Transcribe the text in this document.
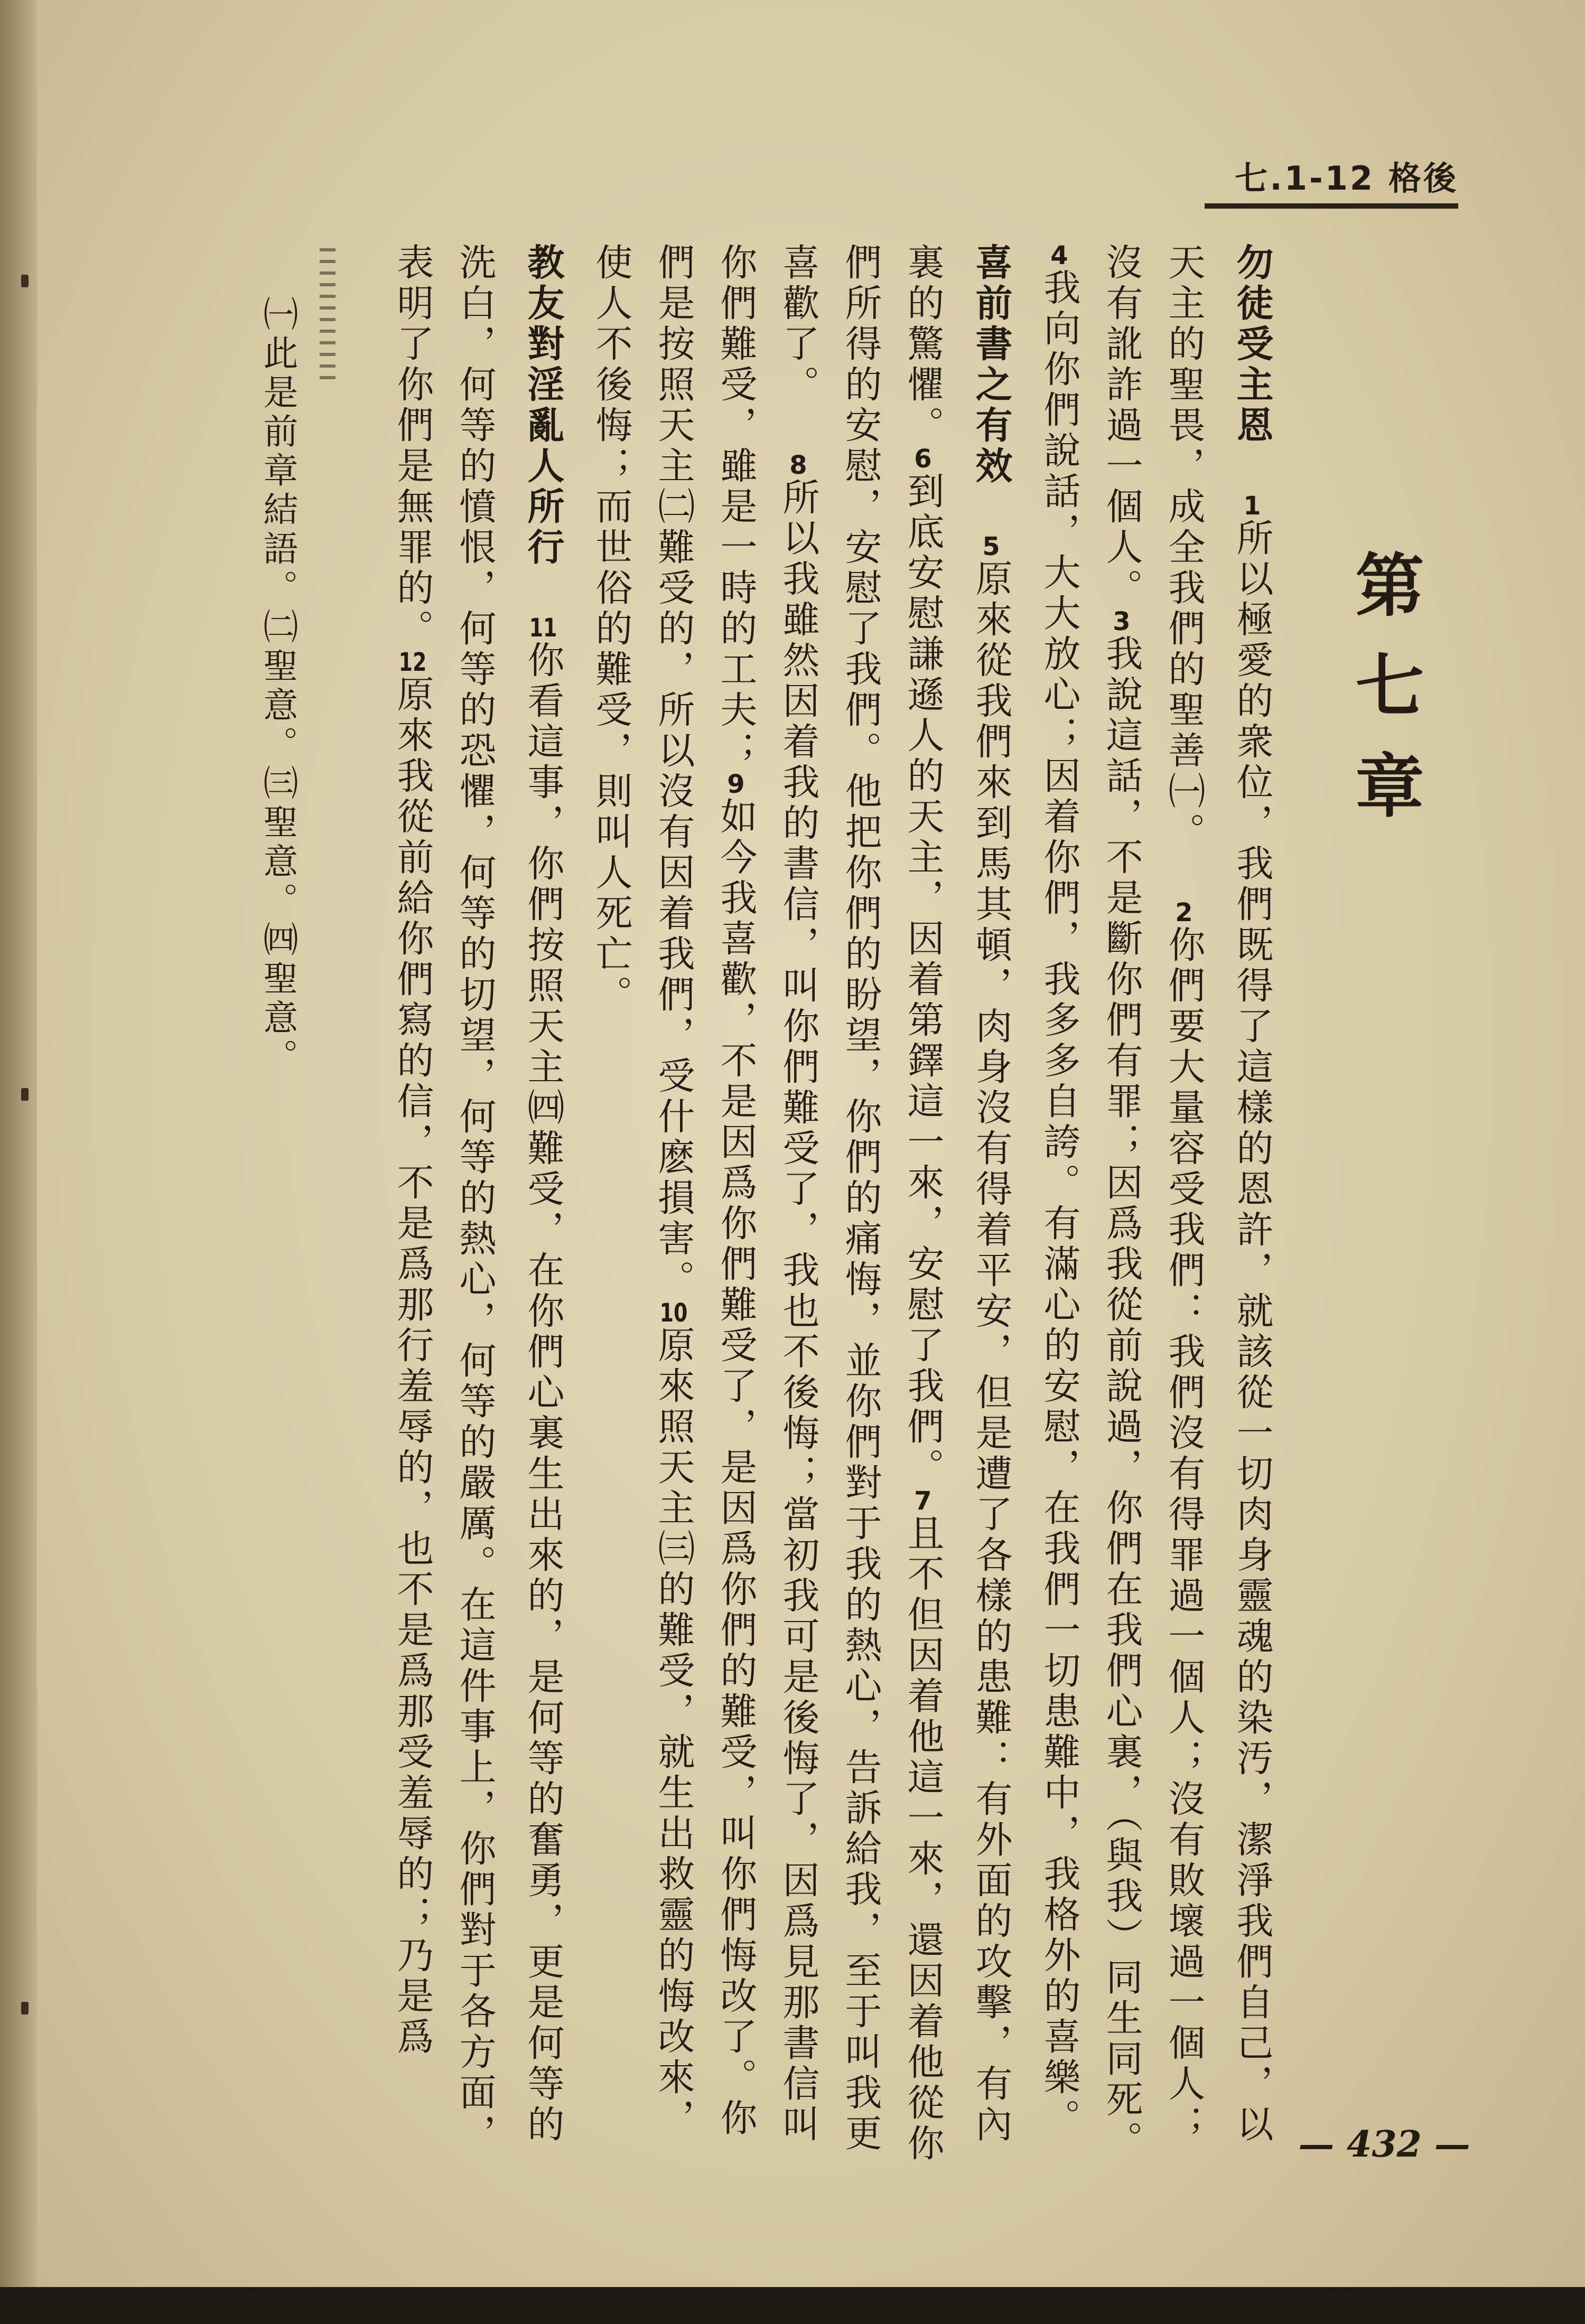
七.1-12 格後
第七章

勿徒受主恩 1所以極愛的衆位，我們既得了這樣的恩許，就該從一切肉身靈魂的染汚，潔淨我們自己，以天主的聖畏，成全我們的聖善㈠。 2你們要大量容受我們：我們沒有得罪過一個人；沒有敗壞過一個人；沒有訛詐過一個人。3我說這話，不是斷你們有罪；因爲我從前說過，你們在我們心裏，（與我）同生同死。4我向你們說話，大大放心；因着你們，我多多自誇。有滿心的安慰，在我們一切患難中，我格外的喜樂。

喜前書之有效 5原來從我們來到馬其頓，肉身沒有得着平安，但是遭了各樣的患難：有外面的攻擊，有內裏的驚懼。6到底安慰謙遜人的天主，因着第鐸這一來，安慰了我們。7且不但因着他這一來，還因着他從你們所得的安慰，安慰了我們。他把你們的盼望，你們的痛悔，並你們對于我的熱心，告訴給我，至于叫我更喜歡了。 8所以我雖然因着我的書信，叫你們難受了，我也不後悔；當初我可是後悔了，因爲見那書信叫你們難受，雖是一時的工夫；9如今我喜歡，不是因爲你們難受了，是因爲你們的難受，叫你們悔改了。你們是按照天主㈡難受的，所以沒有因着我們，受什麽損害。10原來照天主㈢的難受，就生出救靈的悔改來，使人不後悔；而世俗的難受，則叫人死亡。

教友對淫亂人所行 11你看這事，你們按照天主㈣難受，在你們心裏生出來的，是何等的奮勇，更是何等的洗白，何等的憤恨，何等的恐懼，何等的切望，何等的熱心，何等的嚴厲。在這件事上，你們對于各方面，表明了你們是無罪的。12原來我從前給你們寫的信，不是爲那行羞辱的，也不是爲那受羞辱的；乃是爲

㈠此是前章結語。㈡聖意。㈢聖意。㈣聖意。
— 432 —
